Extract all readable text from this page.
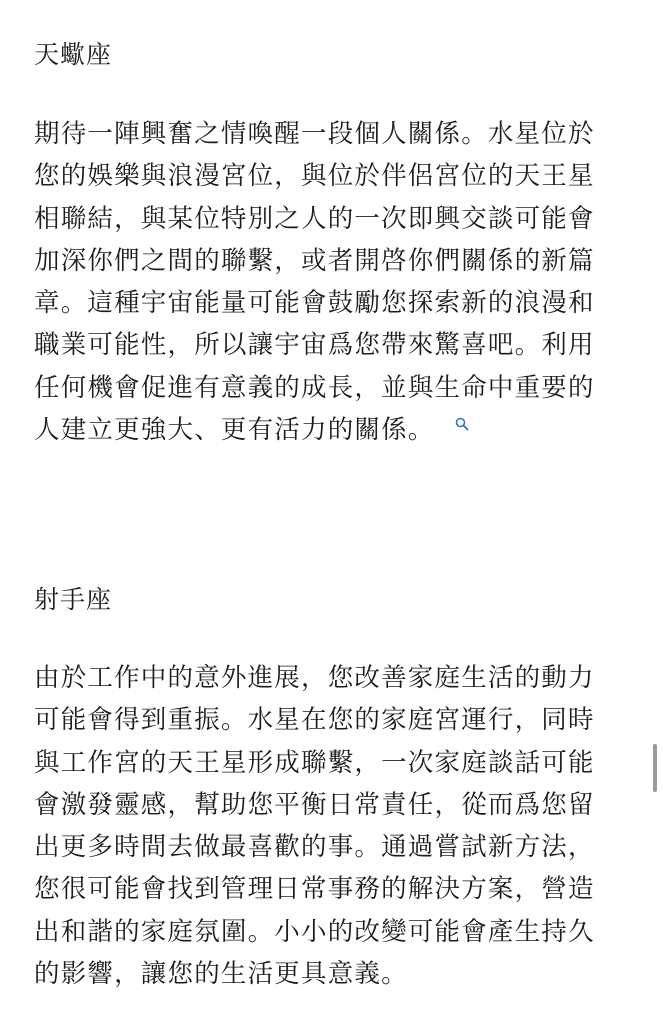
天蠍座

期待一陣興奮之情喚醒一段個人關係。水星位於
您的娛樂與浪漫宮位，與位於伴侶宮位的天王星
相聯結，與某位特別之人的一次即興交談可能會
加深你們之間的聯繫，或者開啓你們關係的新篇
章。這種宇宙能量可能會鼓勵您探索新的浪漫和
職業可能性，所以讓宇宙爲您帶來驚喜吧。利用
任何機會促進有意義的成長，並與生命中重要的
人建立更強大、更有活力的關係。

射手座

由於工作中的意外進展，您改善家庭生活的動力
可能會得到重振。水星在您的家庭宮運行，同時
與工作宮的天王星形成聯繫，一次家庭談話可能
會激發靈感，幫助您平衡日常責任，從而爲您留
出更多時間去做最喜歡的事。通過嘗試新方法，
您很可能會找到管理日常事務的解決方案，營造
出和諧的家庭氛圍。小小的改變可能會產生持久
的影響，讓您的生活更具意義。
